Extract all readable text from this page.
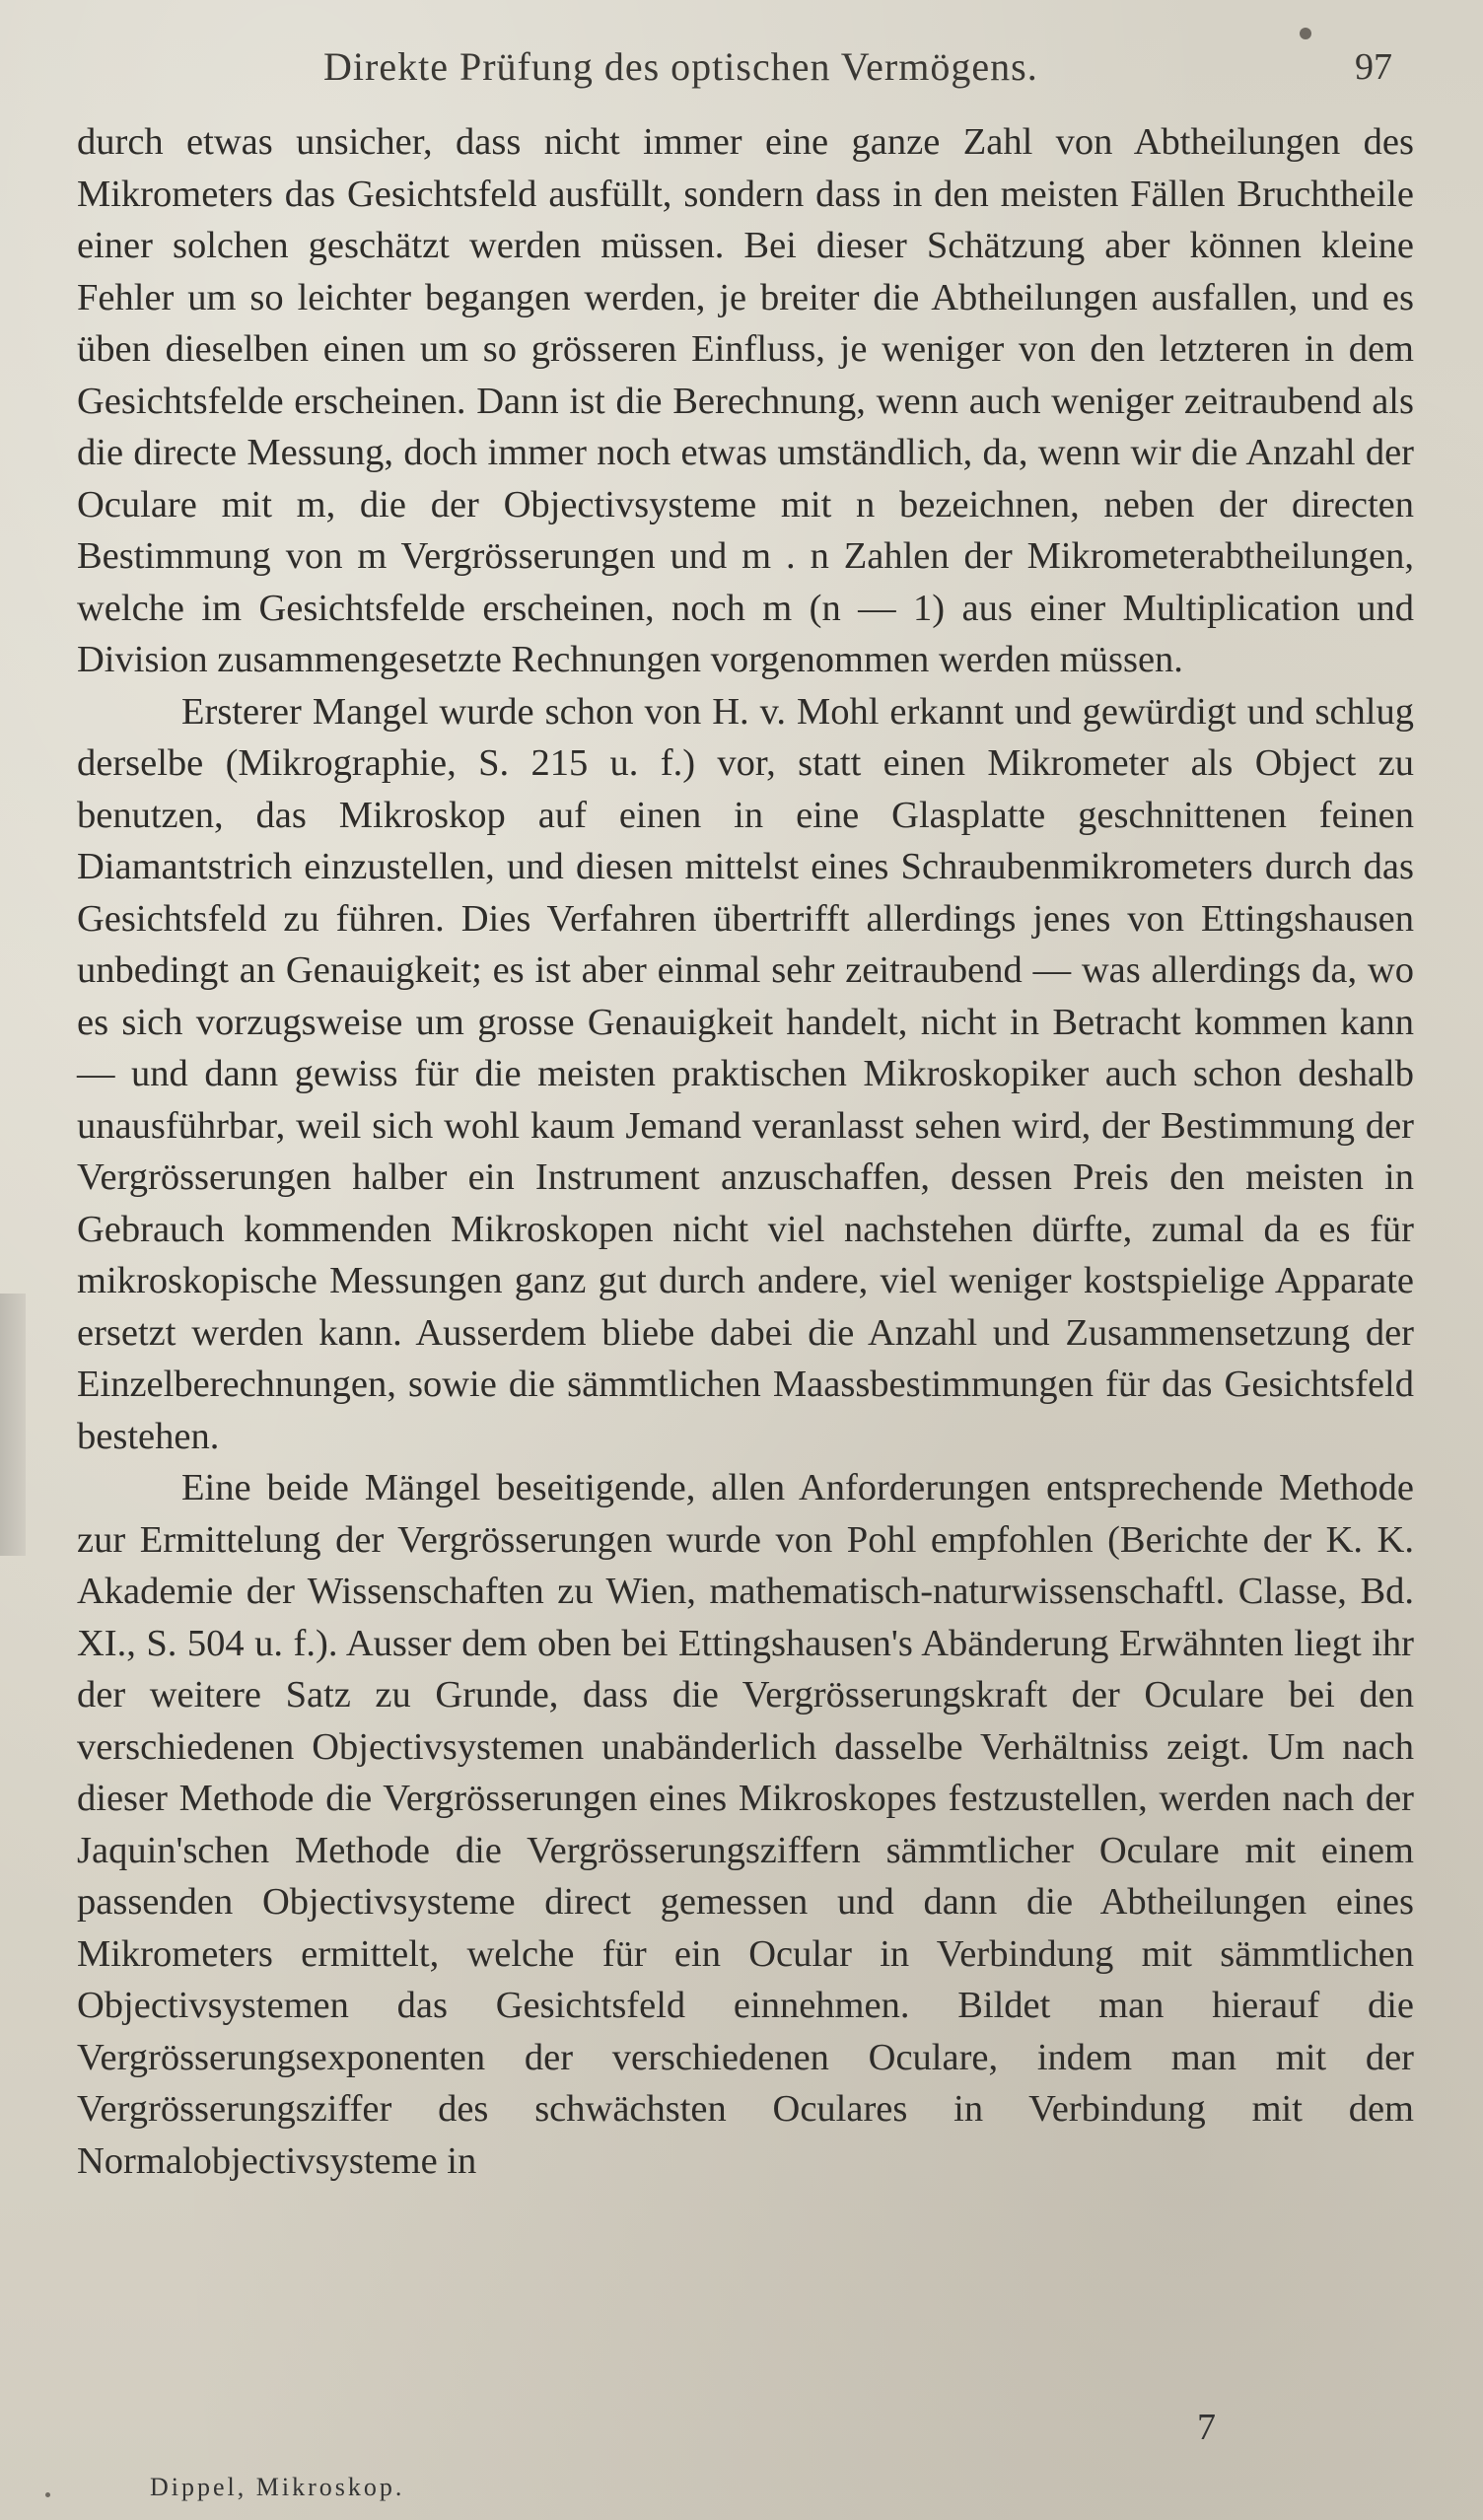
Direkte Prüfung des optischen Vermögens.	97

durch etwas unsicher, dass nicht immer eine ganze Zahl von Abtheilungen des Mikrometers das Gesichtsfeld ausfüllt, sondern dass in den meisten Fällen Bruchtheile einer solchen geschätzt werden müssen. Bei dieser Schätzung aber können kleine Fehler um so leichter begangen werden, je breiter die Abtheilungen ausfallen, und es üben dieselben einen um so grösseren Einfluss, je weniger von den letzteren in dem Gesichtsfelde erscheinen. Dann ist die Berechnung, wenn auch weniger zeitraubend als die directe Messung, doch immer noch etwas umständlich, da, wenn wir die Anzahl der Oculare mit m, die der Objectivsysteme mit n bezeichnen, neben der directen Bestimmung von m Vergrösserungen und m . n Zahlen der Mikrometerabtheilungen, welche im Gesichtsfelde erscheinen, noch m (n — 1) aus einer Multiplication und Division zusammengesetzte Rechnungen vorgenommen werden müssen.

Ersterer Mangel wurde schon von H. v. Mohl erkannt und gewürdigt und schlug derselbe (Mikrographie, S. 215 u. f.) vor, statt einen Mikrometer als Object zu benutzen, das Mikroskop auf einen in eine Glasplatte geschnittenen feinen Diamantstrich einzustellen, und diesen mittelst eines Schraubenmikrometers durch das Gesichtsfeld zu führen. Dies Verfahren übertrifft allerdings jenes von Ettingshausen unbedingt an Genauigkeit; es ist aber einmal sehr zeitraubend — was allerdings da, wo es sich vorzugsweise um grosse Genauigkeit handelt, nicht in Betracht kommen kann — und dann gewiss für die meisten praktischen Mikroskopiker auch schon deshalb unausführbar, weil sich wohl kaum Jemand veranlasst sehen wird, der Bestimmung der Vergrösserungen halber ein Instrument anzuschaffen, dessen Preis den meisten in Gebrauch kommenden Mikroskopen nicht viel nachstehen dürfte, zumal da es für mikroskopische Messungen ganz gut durch andere, viel weniger kostspielige Apparate ersetzt werden kann. Ausserdem bliebe dabei die Anzahl und Zusammensetzung der Einzelberechnungen, sowie die sämmtlichen Maassbestimmungen für das Gesichtsfeld bestehen.

Eine beide Mängel beseitigende, allen Anforderungen entsprechende Methode zur Ermittelung der Vergrösserungen wurde von Pohl empfohlen (Berichte der K. K. Akademie der Wissenschaften zu Wien, mathematisch-naturwissenschaftl. Classe, Bd. XI., S. 504 u. f.). Ausser dem oben bei Ettingshausen's Abänderung Erwähnten liegt ihr der weitere Satz zu Grunde, dass die Vergrösserungskraft der Oculare bei den verschiedenen Objectivsystemen unabänderlich dasselbe Verhältniss zeigt. Um nach dieser Methode die Vergrösserungen eines Mikroskopes festzustellen, werden nach der Jaquin'schen Methode die Vergrösserungsziffern sämmtlicher Oculare mit einem passenden Objectivsysteme direct gemessen und dann die Abtheilungen eines Mikrometers ermittelt, welche für ein Ocular in Verbindung mit sämmtlichen Objectivsystemen das Gesichtsfeld einnehmen. Bildet man hierauf die Vergrösserungsexponenten der verschiedenen Oculare, indem man mit der Vergrösserungsziffer des schwächsten Oculares in Verbindung mit dem Normalobjectivsysteme in

7
Dippel, Mikroskop.
